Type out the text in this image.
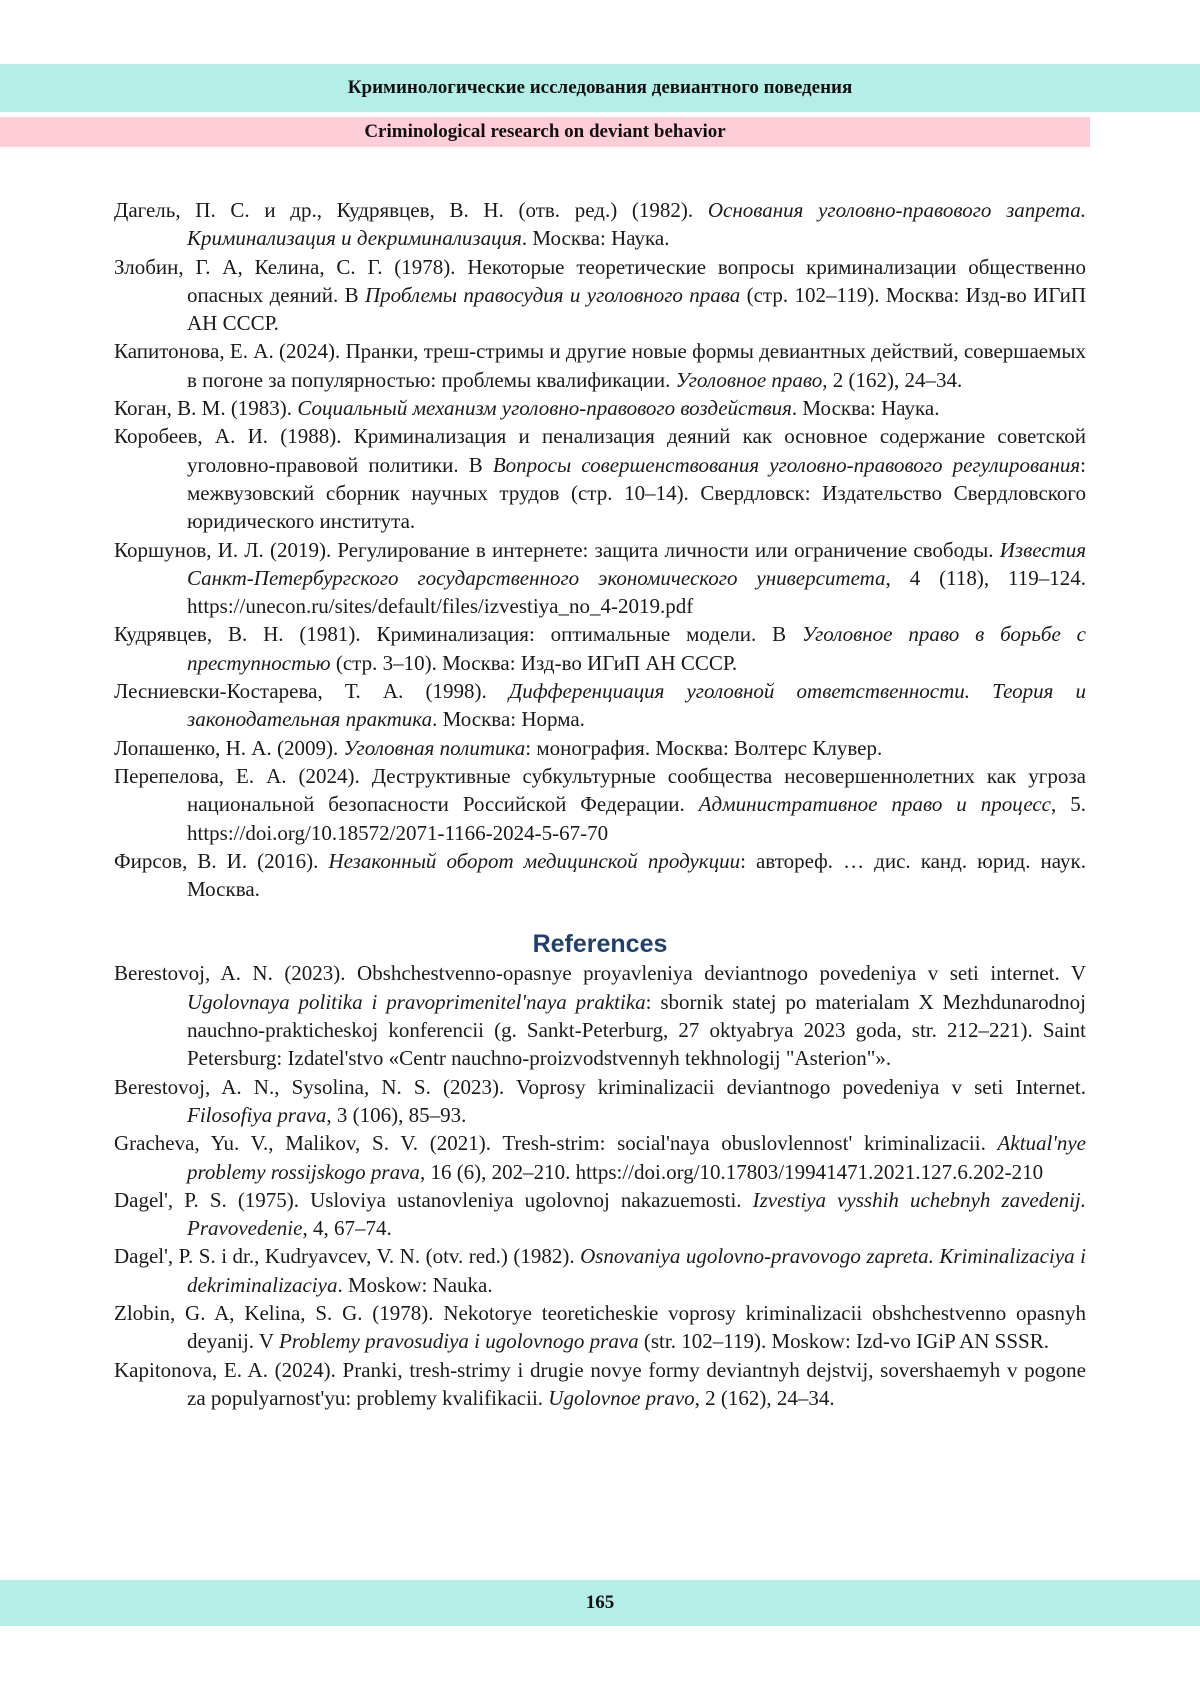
Криминологические исследования девиантного поведения
Criminological research on deviant behavior

Дагель, П. С. и др., Кудрявцев, В. Н. (отв. ред.) (1982). Основания уголовно-правового запрета. Криминализация и декриминализация. Москва: Наука.

Злобин, Г. А, Келина, С. Г. (1978). Некоторые теоретические вопросы криминализации общественно опасных деяний. В Проблемы правосудия и уголовного права (стр. 102–119). Москва: Изд-во ИГиП АН СССР.

Капитонова, Е. А. (2024). Пранки, треш-стримы и другие новые формы девиантных действий, совершаемых в погоне за популярностью: проблемы квалификации. Уголовное право, 2 (162), 24–34.

Коган, В. М. (1983). Социальный механизм уголовно-правового воздействия. Москва: Наука.

Коробеев, А. И. (1988). Криминализация и пенализация деяний как основное содержание советской уголовно-правовой политики. В Вопросы совершенствования уголовно-правового регулирования: межвузовский сборник научных трудов (стр. 10–14). Свердловск: Издательство Свердловского юридического института.

Коршунов, И. Л. (2019). Регулирование в интернете: защита личности или ограничение свободы. Известия Санкт-Петербургского государственного экономического университета, 4 (118), 119–124. https://unecon.ru/sites/default/files/izvestiya_no_4-2019.pdf

Кудрявцев, В. Н. (1981). Криминализация: оптимальные модели. В Уголовное право в борьбе с преступностью (стр. 3–10). Москва: Изд-во ИГиП АН СССР.

Лесниевски-Костарева, Т. А. (1998). Дифференциация уголовной ответственности. Теория и законодательная практика. Москва: Норма.

Лопашенко, Н. А. (2009). Уголовная политика: монография. Москва: Волтерс Клувер.

Перепелова, Е. А. (2024). Деструктивные субкультурные сообщества несовершеннолетних как угроза национальной безопасности Российской Федерации. Административное право и процесс, 5. https://doi.org/10.18572/2071-1166-2024-5-67-70

Фирсов, В. И. (2016). Незаконный оборот медицинской продукции: автореф. … дис. канд. юрид. наук. Москва.

References

Berestovoj, A. N. (2023). Obshchestvenno-opasnye proyavleniya deviantnogo povedeniya v seti internet. V Ugolovnaya politika i pravoprimenitel'naya praktika: sbornik statej po materialam X Mezhdunarodnoj nauchno-prakticheskoj konferencii (g. Sankt-Peterburg, 27 oktyabrya 2023 goda, str. 212–221). Saint Petersburg: Izdatel'stvo «Centr nauchno-proizvodstvennyh tekhnologij "Asterion"».

Berestovoj, A. N., Sysolina, N. S. (2023). Voprosy kriminalizacii deviantnogo povedeniya v seti Internet. Filosofiya prava, 3 (106), 85–93.

Gracheva, Yu. V., Malikov, S. V. (2021). Tresh-strim: social'naya obuslovlennost' kriminalizacii. Aktual'nye problemy rossijskogo prava, 16 (6), 202–210. https://doi.org/10.17803/19941471.2021.127.6.202-210

Dagel', P. S. (1975). Usloviya ustanovleniya ugolovnoj nakazuemosti. Izvestiya vysshih uchebnyh zavedenij. Pravovedenie, 4, 67–74.

Dagel', P. S. i dr., Kudryavcev, V. N. (otv. red.) (1982). Osnovaniya ugolovno-pravovogo zapreta. Kriminalizaciya i dekriminalizaciya. Moskow: Nauka.

Zlobin, G. A, Kelina, S. G. (1978). Nekotorye teoreticheskie voprosy kriminalizacii obshchestvenno opasnyh deyanij. V Problemy pravosudiya i ugolovnogo prava (str. 102–119). Moskow: Izd-vo IGiP AN SSSR.

Kapitonova, E. A. (2024). Pranki, tresh-strimy i drugie novye formy deviantnyh dejstvij, sovershaemyh v pogone za populyarnost'yu: problemy kvalifikacii. Ugolovnoe pravo, 2 (162), 24–34.

165
